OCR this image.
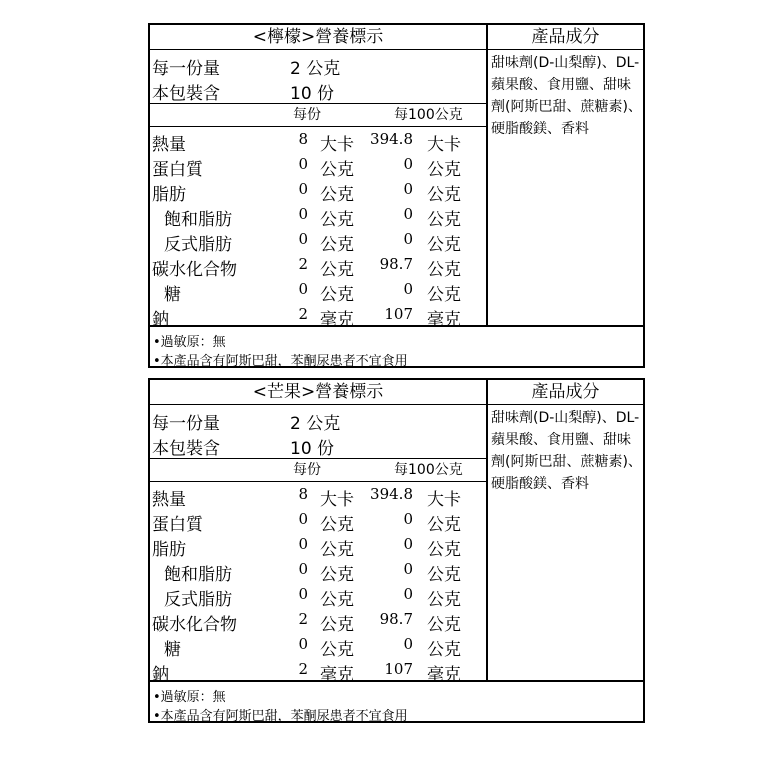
<檸檬>營養標示
每一份量	2 公克
本包裝含	10 份
每份	每100公克
熱量	8 大卡 394.8 大卡
蛋白質	0 公克	0 公克
脂肪	0 公克	0 公克
飽和脂肪	0 公克	0 公克
反式脂肪	0 公克	0 公克
碳水化合物	2 公克 98.7 公克
糖	0 公克	0 公克
鈉	2 毫克 107 毫克
產品成分
甜味劑(D-山梨醇)、DL-蘋果酸、食用鹽、甜味劑(阿斯巴甜、蔗糖素)、硬脂酸鎂、香料
•過敏原：無
•本產品含有阿斯巴甜，苯酮尿患者不宜食用
<芒果>營養標示
每一份量	2 公克
本包裝含	10 份
每份	每100公克
熱量	8 大卡 394.8 大卡
蛋白質	0 公克	0 公克
脂肪	0 公克	0 公克
飽和脂肪	0 公克	0 公克
反式脂肪	0 公克	0 公克
碳水化合物	2 公克 98.7 公克
糖	0 公克	0 公克
鈉	2 毫克 107 毫克
產品成分
甜味劑(D-山梨醇)、DL-蘋果酸、食用鹽、甜味劑(阿斯巴甜、蔗糖素)、硬脂酸鎂、香料
•過敏原：無
•本產品含有阿斯巴甜，苯酮尿患者不宜食用
